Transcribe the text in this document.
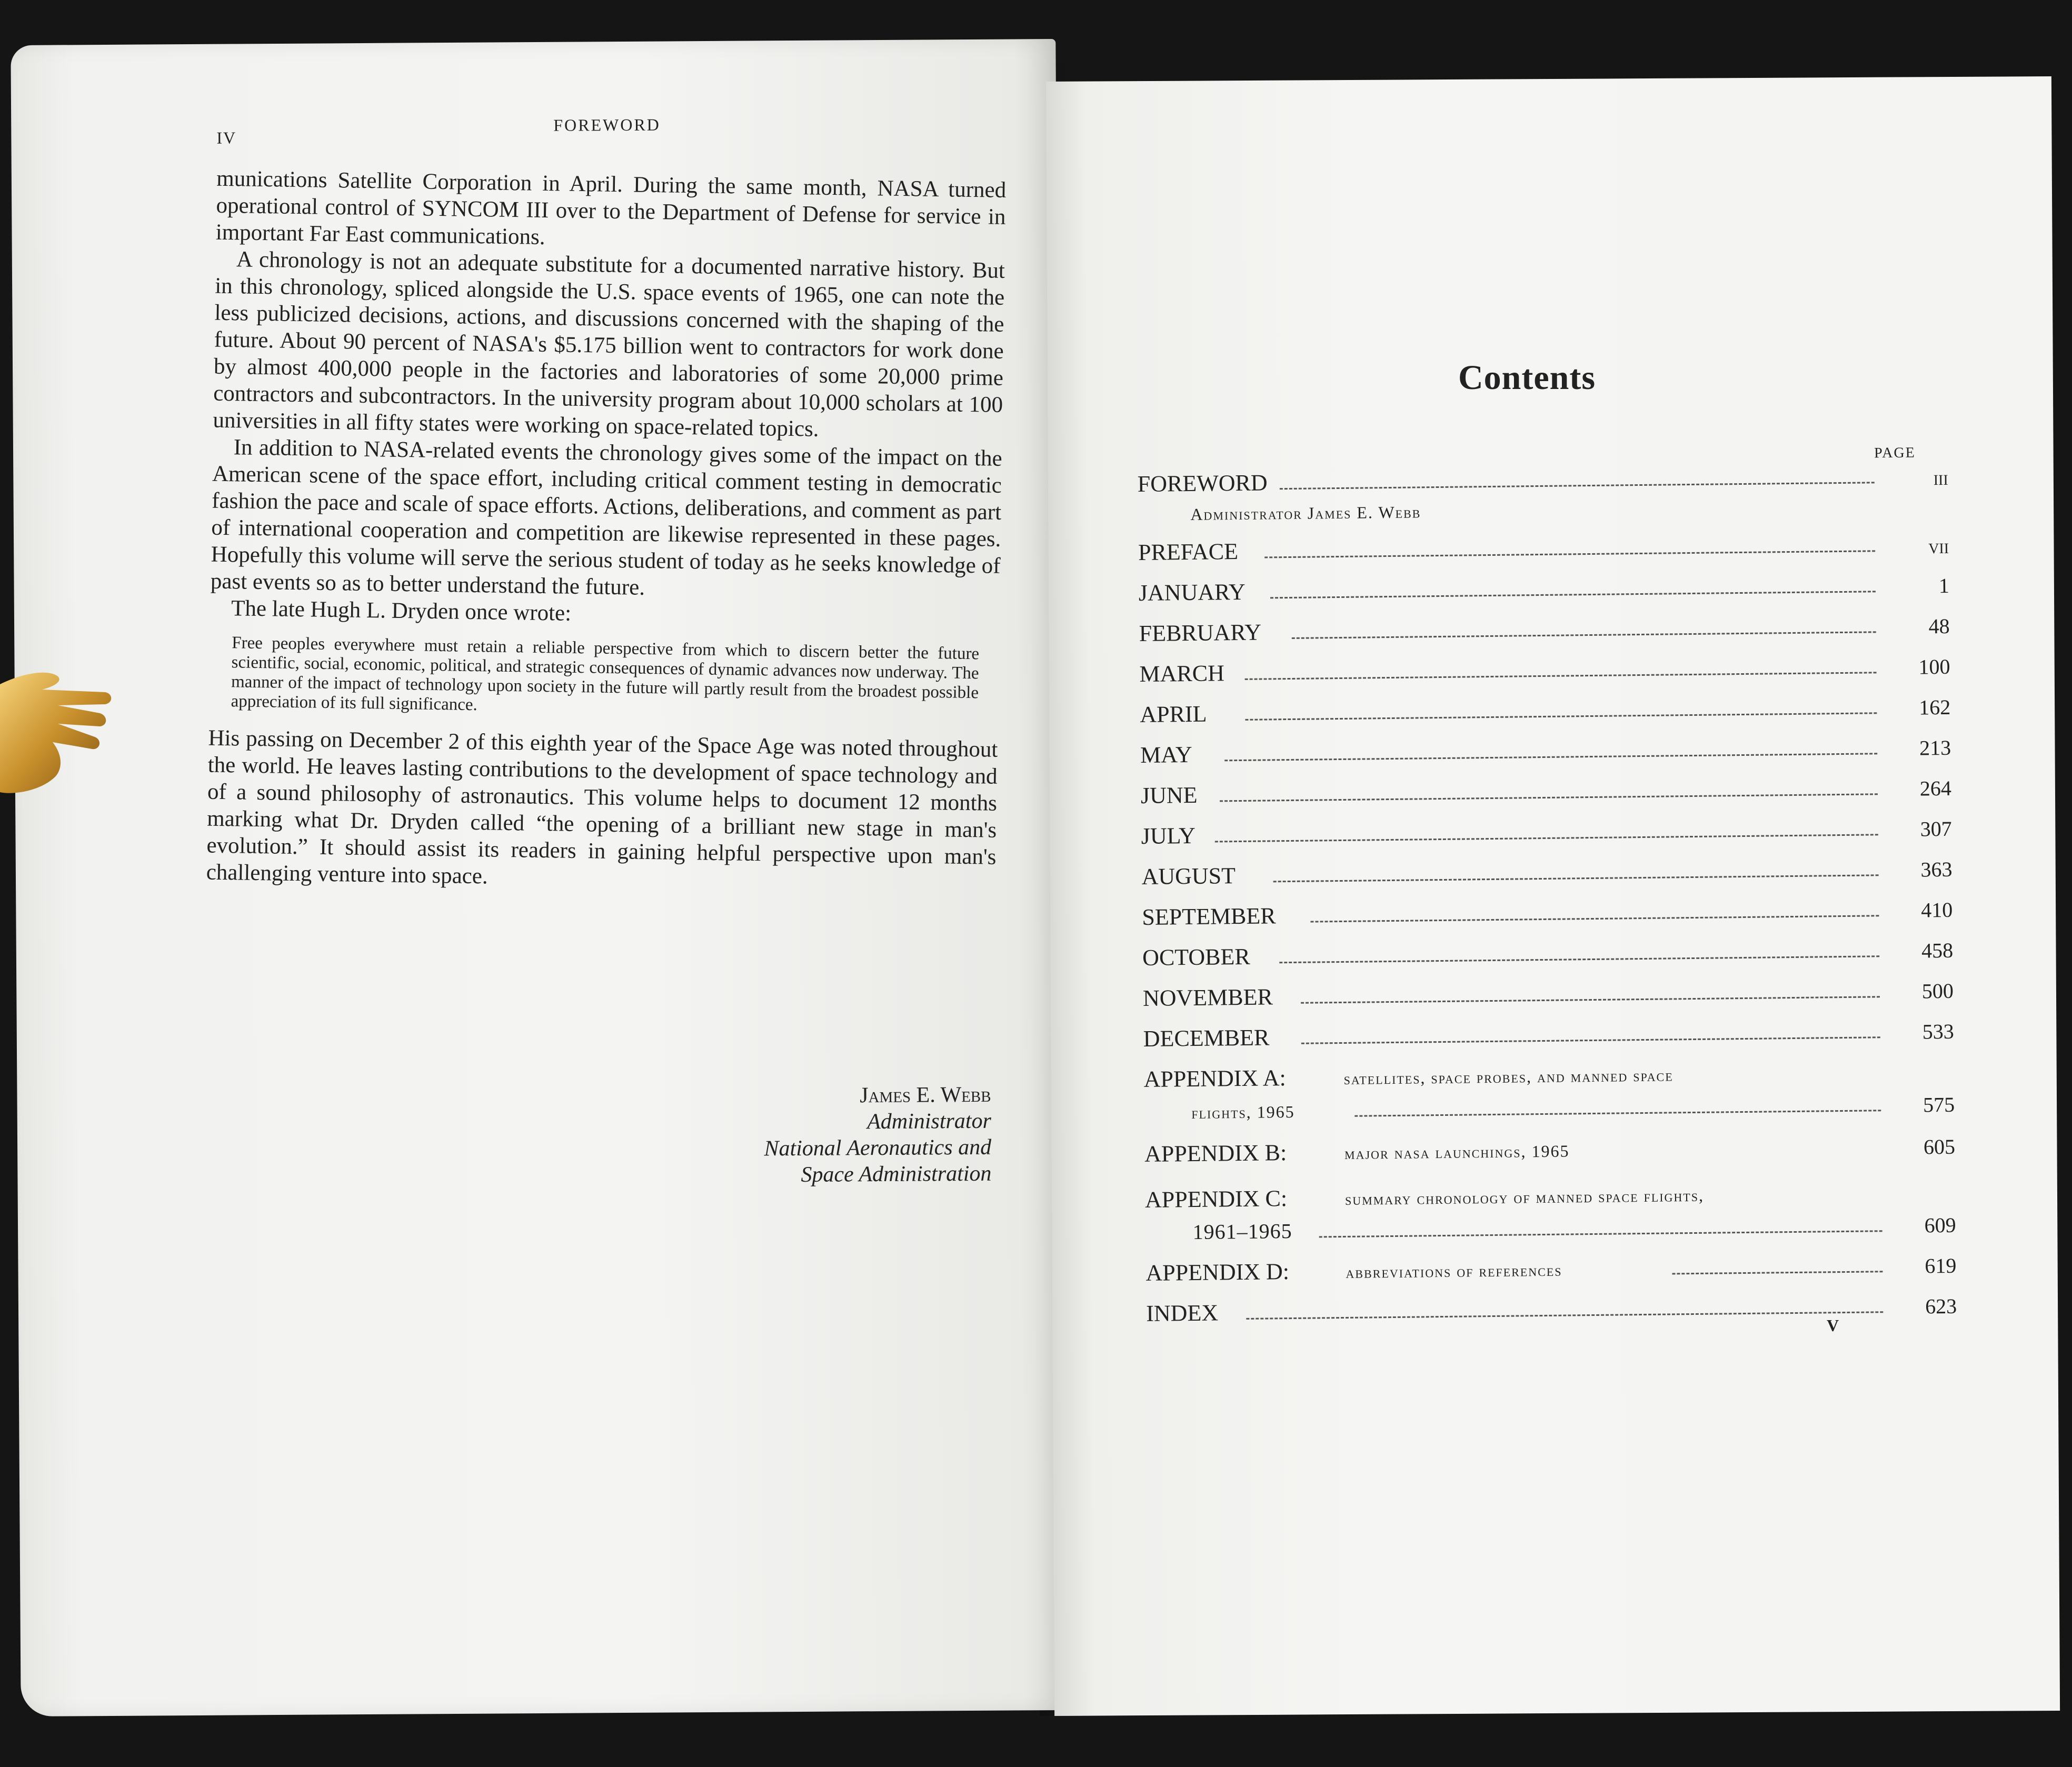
IV
FOREWORD

munications Satellite Corporation in April. During the same month, NASA turned operational control of SYNCOM III over to the Department of Defense for service in important Far East communications.

A chronology is not an adequate substitute for a documented narrative history. But in this chronology, spliced alongside the U.S. space events of 1965, one can note the less publicized decisions, actions, and discussions concerned with the shaping of the future. About 90 percent of NASA's $5.175 billion went to contractors for work done by almost 400,000 people in the factories and laboratories of some 20,000 prime contractors and subcontractors. In the university program about 10,000 scholars at 100 universities in all fifty states were working on space-related topics.

In addition to NASA-related events the chronology gives some of the impact on the American scene of the space effort, including critical comment testing in democratic fashion the pace and scale of space efforts. Actions, deliberations, and comment as part of international cooperation and competition are likewise represented in these pages. Hopefully this volume will serve the serious student of today as he seeks knowledge of past events so as to better understand the future.

The late Hugh L. Dryden once wrote:

Free peoples everywhere must retain a reliable perspective from which to discern better the future scientific, social, economic, political, and strategic consequences of dynamic advances now underway. The manner of the impact of technology upon society in the future will partly result from the broadest possible appreciation of its full significance.

His passing on December 2 of this eighth year of the Space Age was noted throughout the world. He leaves lasting contributions to the development of space technology and of a sound philosophy of astronautics. This volume helps to document 12 months marking what Dr. Dryden called “the opening of a brilliant new stage in man's evolution.” It should assist its readers in gaining helpful perspective upon man's challenging venture into space.

James E. Webb
Administrator
National Aeronautics and
Space Administration
Contents
PAGE
FOREWORD	III
Administrator James E. Webb
PREFACE	VII
JANUARY	1
FEBRUARY	48
MARCH	100
APRIL	162
MAY	213
JUNE	264
JULY	307
AUGUST	363
SEPTEMBER	410
OCTOBER	458
NOVEMBER	500
DECEMBER	533
APPENDIX A:	satellites, space probes, and manned space
flights, 1965	575
APPENDIX B:	major nasa launchings, 1965	605
APPENDIX C:	summary chronology of manned space flights,
1961–1965	609
APPENDIX D:	abbreviations of references	619
INDEX	623
V
